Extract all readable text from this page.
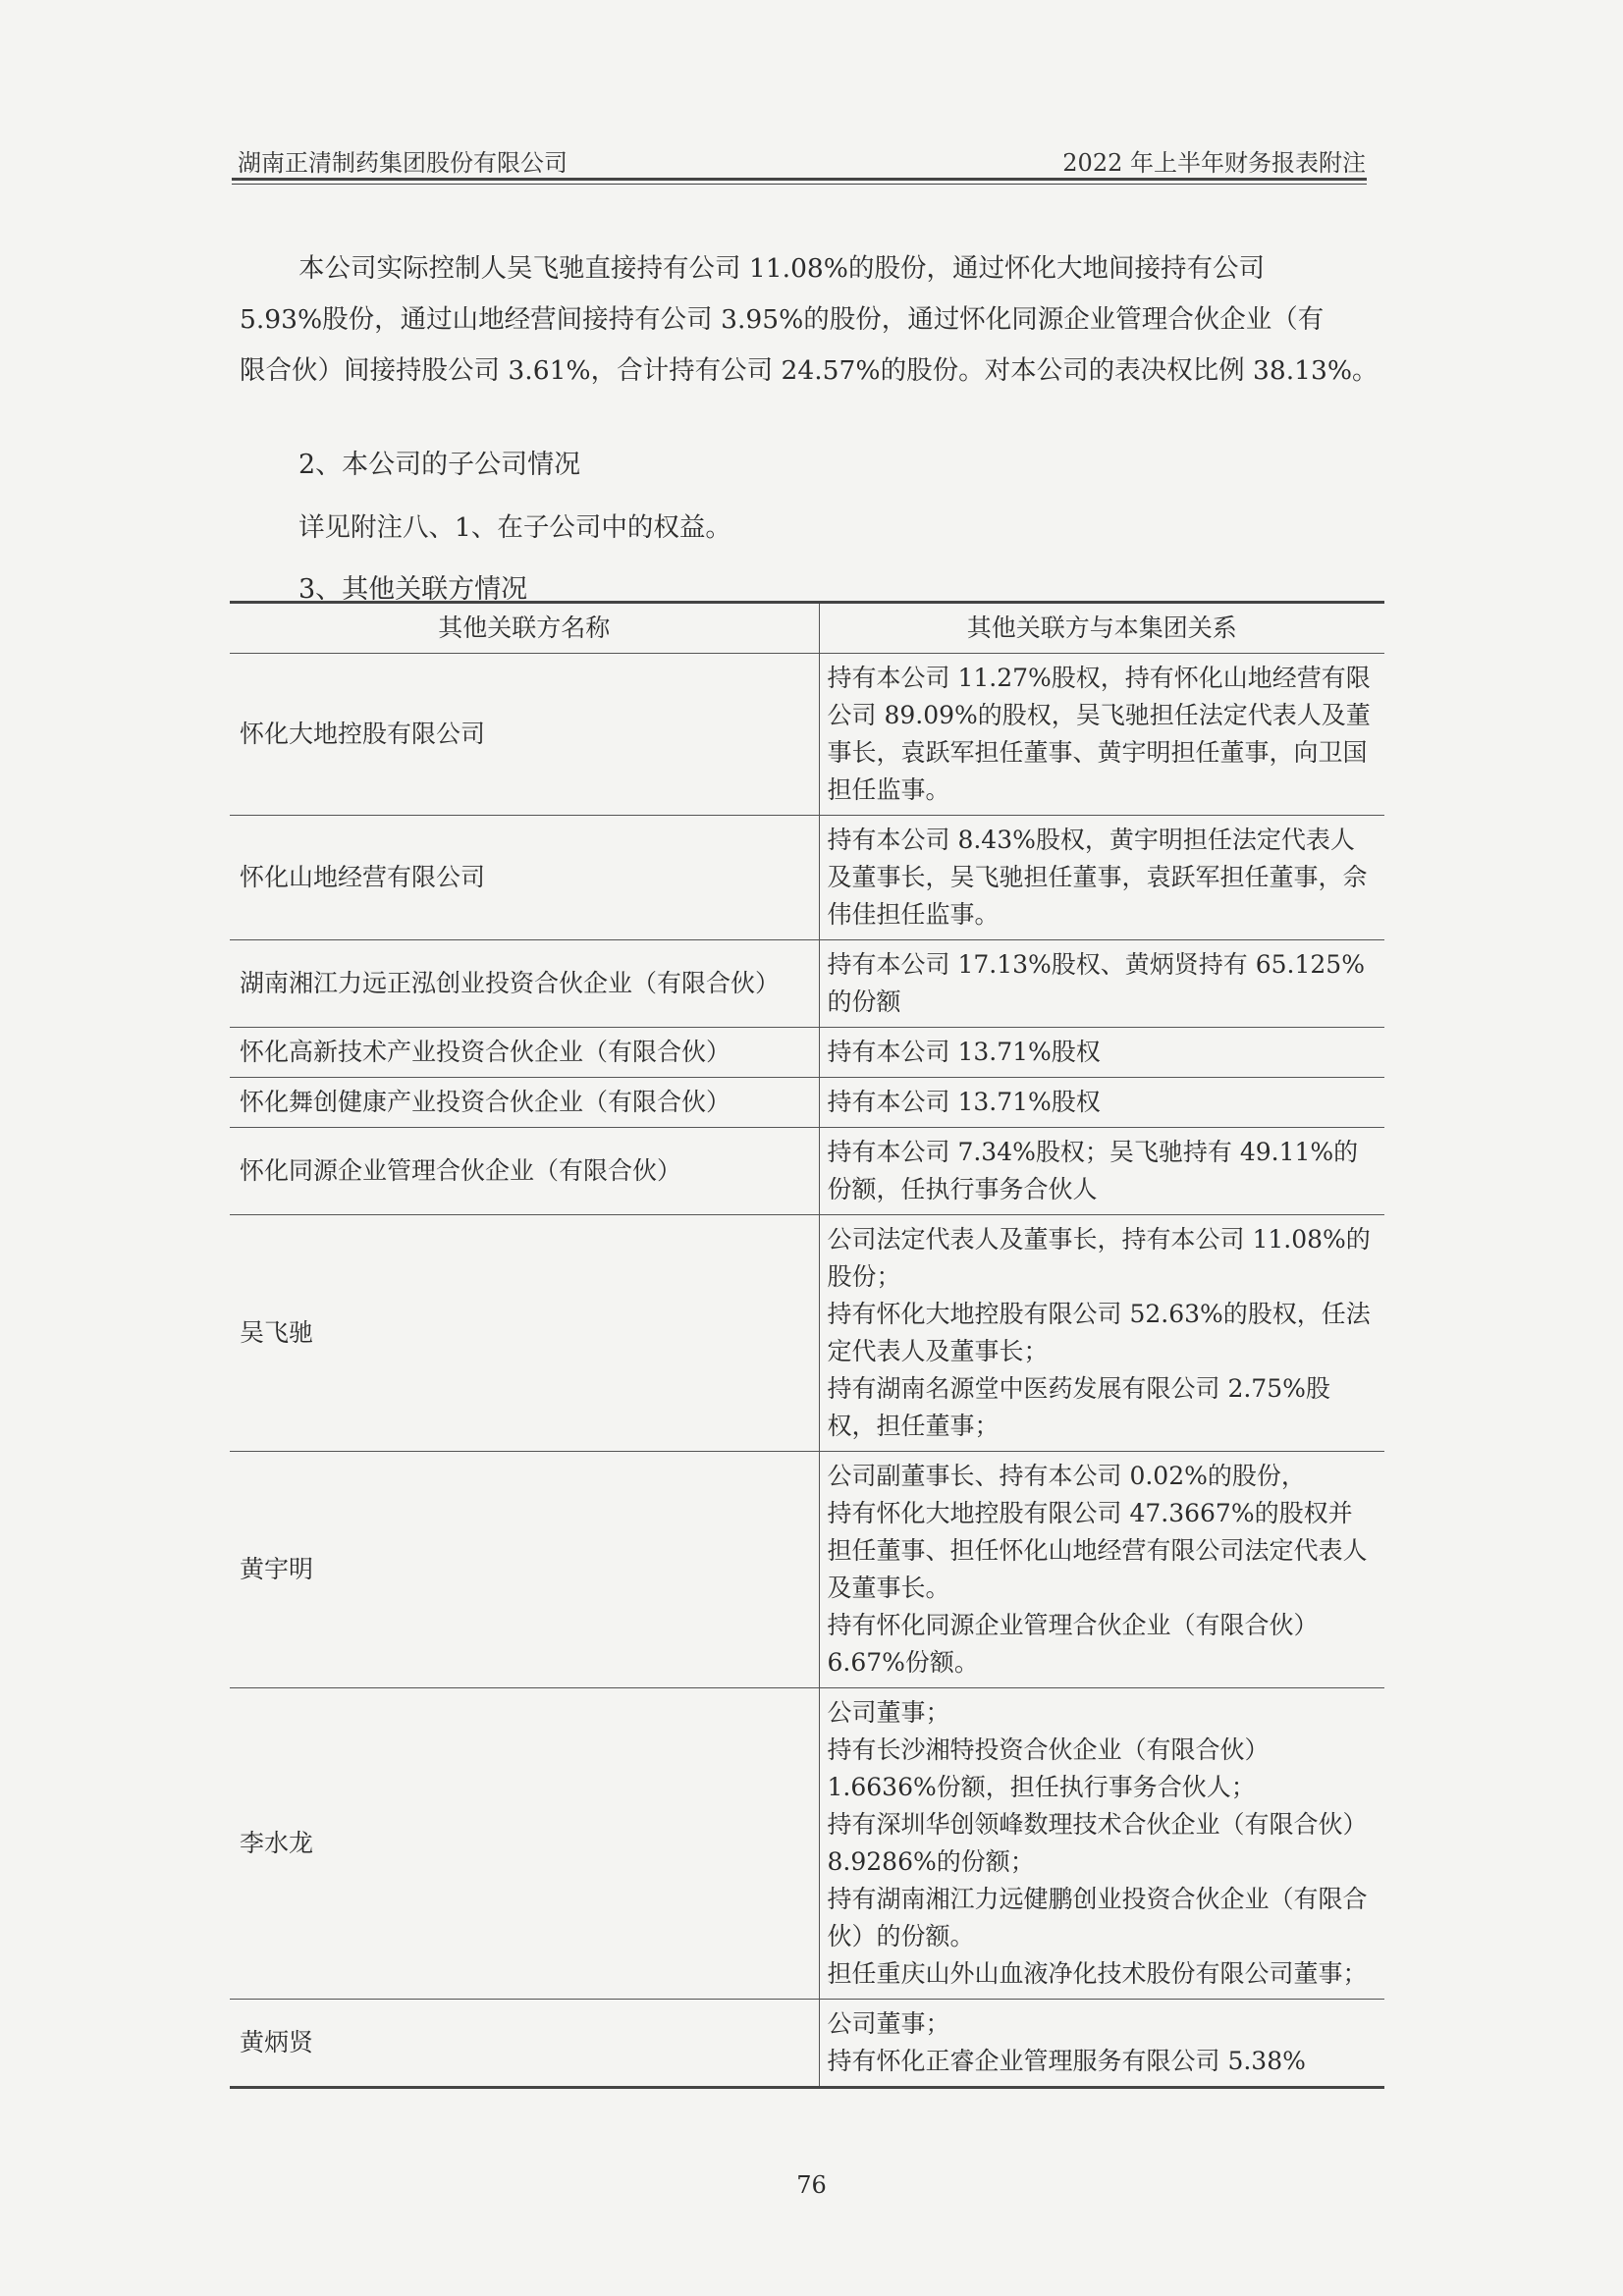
湖南正清制药集团股份有限公司	2022 年上半年财务报表附注

本公司实际控制人吴飞驰直接持有公司 11.08%的股份，通过怀化大地间接持有公司

5.93%股份，通过山地经营间接持有公司 3.95%的股份，通过怀化同源企业管理合伙企业（有

限合伙）间接持股公司 3.61%，合计持有公司 24.57%的股份。对本公司的表决权比例 38.13%。

2、本公司的子公司情况
详见附注八、1、在子公司中的权益。
3、其他关联方情况
其他关联方名称	其他关联方与本集团关系
怀化大地控股有限公司	持有本公司 11.27%股权，持有怀化山地经营有限公司 89.09%的股权，吴飞驰担任法定代表人及董事长，袁跃军担任董事、黄宇明担任董事，向卫国担任监事。

怀化山地经营有限公司	持有本公司 8.43%股权，黄宇明担任法定代表人及董事长，吴飞驰担任董事，袁跃军担任董事，佘伟佳担任监事。

湖南湘江力远正泓创业投资合伙企业（有限合伙）	持有本公司 17.13%股权、黄炳贤持有 65.125%的份额

怀化高新技术产业投资合伙企业（有限合伙）	持有本公司 13.71%股权

怀化舞创健康产业投资合伙企业（有限合伙）	持有本公司 13.71%股权

怀化同源企业管理合伙企业（有限合伙）	持有本公司 7.34%股权；吴飞驰持有 49.11%的份额，任执行事务合伙人

吴飞驰	公司法定代表人及董事长，持有本公司 11.08%的股份；
持有怀化大地控股有限公司 52.63%的股权，任法定代表人及董事长；
持有湖南名源堂中医药发展有限公司 2.75%股权，担任董事；

黄宇明	公司副董事长、持有本公司 0.02%的股份，
持有怀化大地控股有限公司 47.3667%的股权并担任董事、担任怀化山地经营有限公司法定代表人及董事长。
持有怀化同源企业管理合伙企业（有限合伙）6.67%份额。

李水龙	公司董事；
持有长沙湘特投资合伙企业（有限合伙）1.6636%份额，担任执行事务合伙人；
持有深圳华创领峰数理技术合伙企业（有限合伙）8.9286%的份额；
持有湖南湘江力远健鹏创业投资合伙企业（有限合伙）的份额。
担任重庆山外山血液净化技术股份有限公司董事；

黄炳贤	公司董事；
持有怀化正睿企业管理服务有限公司 5.38%
76
